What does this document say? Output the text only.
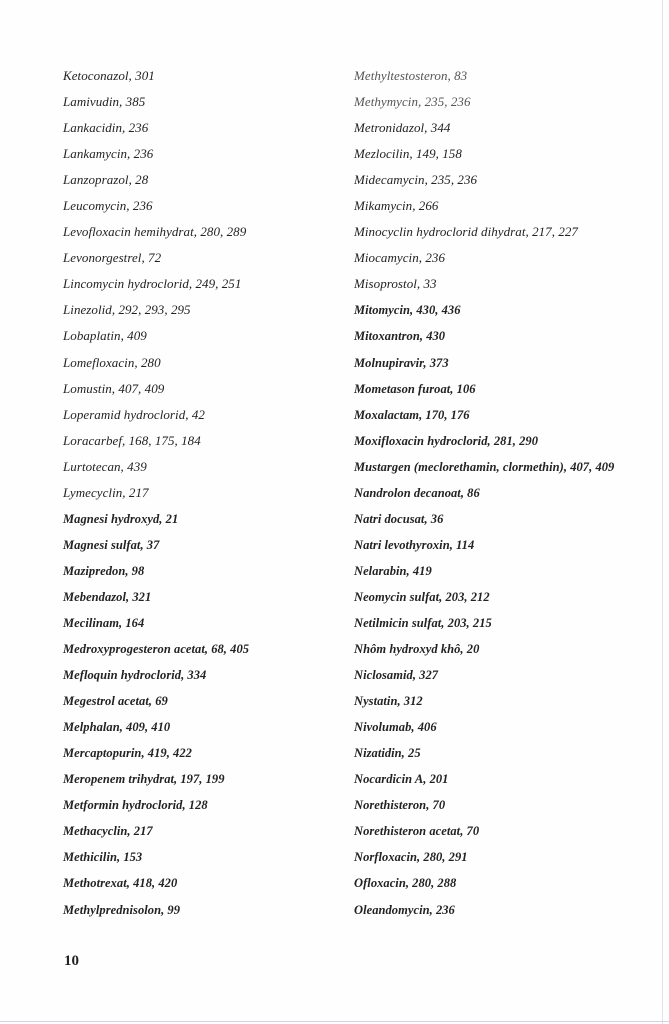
Ketoconazol, 301
Lamivudin, 385
Lankacidin, 236
Lankamycin, 236
Lanzoprazol, 28
Leucomycin, 236
Levofloxacin hemihydrat, 280, 289
Levonorgestrel, 72
Lincomycin hydroclorid, 249, 251
Linezolid, 292, 293, 295
Lobaplatin, 409
Lomefloxacin, 280
Lomustin, 407, 409
Loperamid hydroclorid, 42
Loracarbef, 168, 175, 184
Lurtotecan, 439
Lymecyclin, 217
Magnesi hydroxyd, 21
Magnesi sulfat, 37
Mazipredon, 98
Mebendazol, 321
Mecilinam, 164
Medroxyprogesteron acetat, 68, 405
Mefloquin hydroclorid, 334
Megestrol acetat, 69
Melphalan, 409, 410
Mercaptopurin, 419, 422
Meropenem trihydrat, 197, 199
Metformin hydroclorid, 128
Methacyclin, 217
Methicilin, 153
Methotrexat, 418, 420
Methylprednisolon, 99
Methyltestosteron, 83
Methymycin, 235, 236
Metronidazol, 344
Mezlocilin, 149, 158
Midecamycin, 235, 236
Mikamycin, 266
Minocyclin hydroclorid dihydrat, 217, 227
Miocamycin, 236
Misoprostol, 33
Mitomycin, 430, 436
Mitoxantron, 430
Molnupiravir, 373
Mometason furoat, 106
Moxalactam, 170, 176
Moxifloxacin hydroclorid, 281, 290
Mustargen (meclorethamin, clormethin), 407, 409
Nandrolon decanoat, 86
Natri docusat, 36
Natri levothyroxin, 114
Nelarabin, 419
Neomycin sulfat, 203, 212
Netilmicin sulfat, 203, 215
Nhôm hydroxyd khô, 20
Niclosamid, 327
Nystatin, 312
Nivolumab, 406
Nizatidin, 25
Nocardicin A, 201
Norethisteron, 70
Norethisteron acetat, 70
Norfloxacin, 280, 291
Ofloxacin, 280, 288
Oleandomycin, 236
10
